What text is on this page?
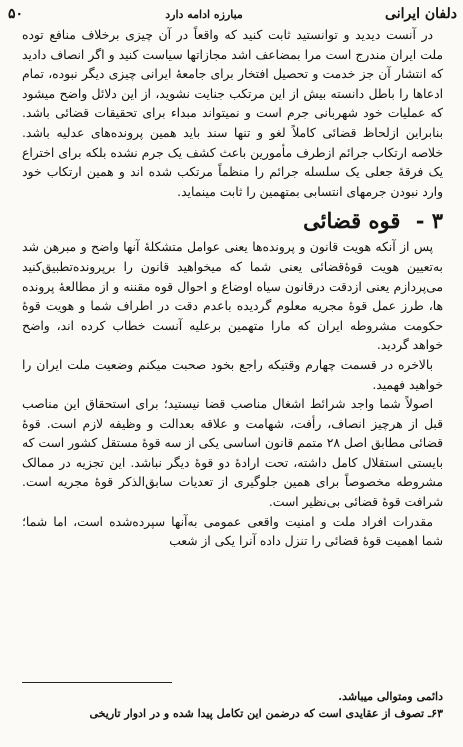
دلفان ایرانی
مبارزه ادامه دارد
۵۰

در آنست دیدید و توانستید ثابت کنید که واقعاً در آن چیزی برخلاف منافع توده ملت ایران مندرج است مرا بمضاعف اشد مجازاتها سیاست کنید و اگر انصاف دادید که انتشار آن جز خدمت و تحصیل افتخار برای جامعهٔ ایرانی چیزی دیگر نبوده، تمام ادعاها را باطل دانسته بیش از این مرتکب جنایت نشوید، از این دلائل واضح میشود که عملیات خود شهربانی جرم است و نمیتواند مبداء برای تحقیقات قضائی باشد. بنابراین ازلحاظ قضائی کاملاً لغو و تنها سند باید همین پرونده‌های عدلیه باشد. خلاصه ارتکاب جرائم ازطرف مأمورین باعث کشف یک جرم نشده بلکه برای اختراع یک فرقهٔ جعلی یک سلسله جرائم را منظماً مرتکب شده اند و همین ارتکاب خود وارد نبودن جرمهای انتسابی بمتهمین را ثابت مینماید.

۳ - قوه قضائی

پس از آنکه هویت قانون و پرونده‌ها یعنی عوامل متشکلهٔ آنها واضح و مبرهن شد به‌تعیین هویت قوهٔ‌قضائی یعنی شما که میخواهید قانون را برپرونده‌تطبیق‌کنید می‌پردازم یعنی از‌دقت در‌قانون سیاه اوضاع و احوال قوه مقننه و از مطالعهٔ پرونده ها، طرز عمل قوهٔ مجریه معلوم گردیده باعدم دقت در اطراف شما و هویت قوهٔ حکومت مشروطه ایران که مارا متهمین برعلیه آنست خطاب کرده اند، واضح خواهد گردید.

بالاخره در قسمت چهارم وقتیکه راجع بخود صحبت میکنم وضعیت ملت ایران را خواهید فهمید.

اصولاً شما واجد شرائط اشغال مناصب قضا نیستید؛ برای استحقاق این مناصب قبل از هرچیز انصاف، رأفت، شهامت و علاقه بعدالت و وظیفه لازم است. قوهٔ قضائی مطابق اصل ۲۸ متمم قانون اساسی یکی از سه قوهٔ مستقل کشور است که بایستی استقلال کامل داشته، تحت ارادهٔ دو قوهٔ دیگر نباشد. این تجزیه در ممالک مشروطه مخصوصاً برای همین جلوگیری از تعدیات سابق‌الذکر قوهٔ مجریه است. شرافت قوهٔ قضائی بی‌نظیر است.

مقدرات افراد ملت و امنیت واقعی عمومی به‌آنها سپرده‌شده است، اما شما؛ شما اهمیت قوهٔ قضائی را تنزل داده آنرا یکی از شعب

دائمی ومتوالی میباشد.

۶۳ـ تصوف از عقایدی است که درضمن این تکامل پیدا شده و در ادوار تاریخی
